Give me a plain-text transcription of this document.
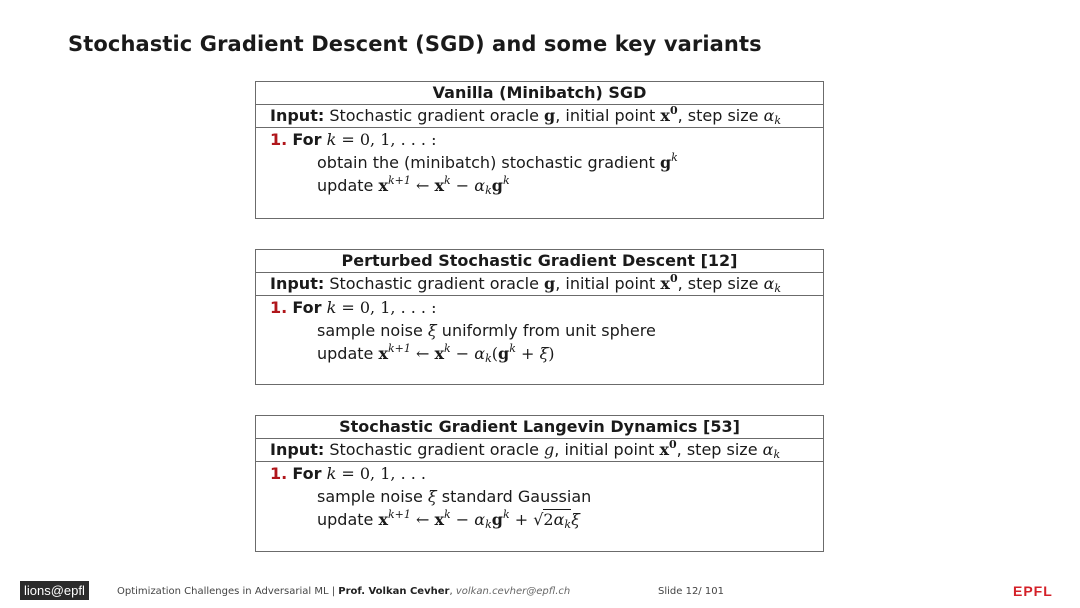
Stochastic Gradient Descent (SGD) and some key variants
Vanilla (Minibatch) SGD
Input: Stochastic gradient oracle g, initial point $x^0$, step size $\alpha_k$
1. For k = 0, 1, . . . :
obtain the (minibatch) stochastic gradient $g^k$
update $x^{k+1}$ ← $x^k - \alpha_kg^k$
Perturbed Stochastic Gradient Descent [12]
Input: Stochastic gradient oracle g, initial point $x^0$, step size $\alpha_k$
1. For k = 0, 1, . . . :
sample noise ξ uniformly from unit sphere
update $x^{k+1}$ ← $x^k - \alpha_k(g^k + \xi)$
Stochastic Gradient Langevin Dynamics [53]
Input: Stochastic gradient oracle g, initial point $x^0$, step size $\alpha_k$
1. For k = 0, 1, . . .
sample noise ξ standard Gaussian
update $x^{k+1}$ ← $x^k - \alpha_kg^k + √2\alpha_k\xi$
lions@epfl	Optimization Challenges in Adversarial ML | Prof. Volkan Cevher, volkan.cevher@epfl.ch	Slide 12/ 101	EPFL
